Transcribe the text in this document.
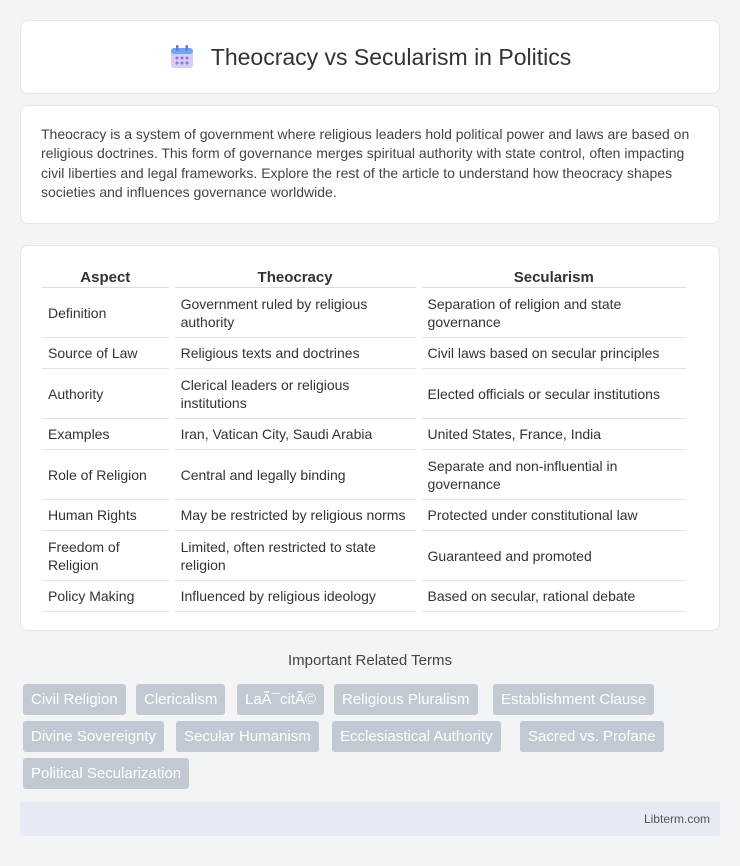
Theocracy vs Secularism in Politics

Theocracy is a system of government where religious leaders hold political power and laws are based on religious doctrines. This form of governance merges spiritual authority with state control, often impacting civil liberties and legal frameworks. Explore the rest of the article to understand how theocracy shapes societies and influences governance worldwide.

Aspect	Theocracy	Secularism
Definition	Government ruled by religious authority	Separation of religion and state governance
Source of Law	Religious texts and doctrines	Civil laws based on secular principles
Authority	Clerical leaders or religious institutions	Elected officials or secular institutions
Examples	Iran, Vatican City, Saudi Arabia	United States, France, India
Role of Religion	Central and legally binding	Separate and non-influential in governance
Human Rights	May be restricted by religious norms	Protected under constitutional law
Freedom of Religion	Limited, often restricted to state religion	Guaranteed and promoted
Policy Making	Influenced by religious ideology	Based on secular, rational debate
Important Related Terms
Civil Religion	Clericalism	LaÃ¯citÃ©	Religious Pluralism	Establishment Clause
Divine Sovereignty	Secular Humanism	Ecclesiastical Authority	Sacred vs. Profane
Political Secularization
Libterm.com
